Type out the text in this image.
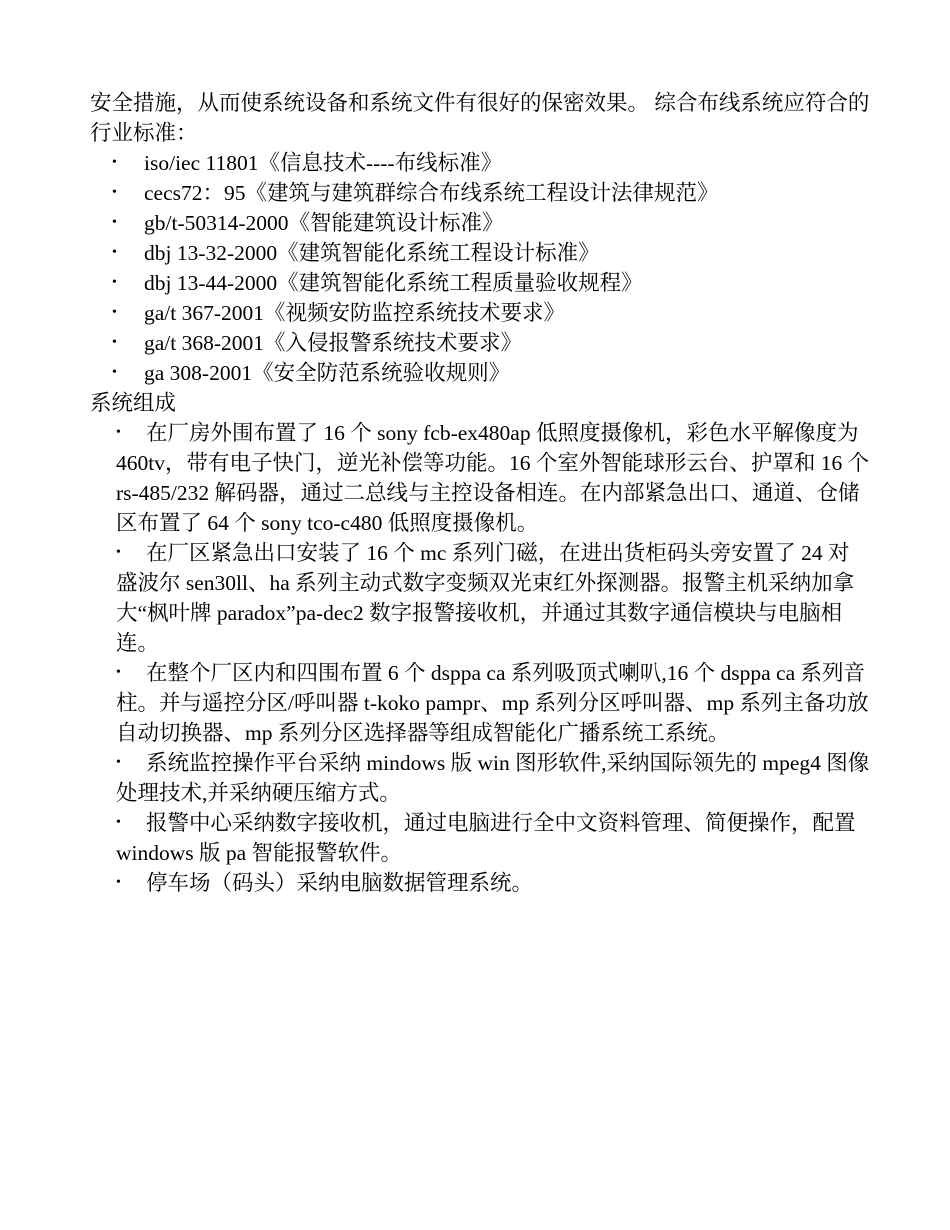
安全措施，从而使系统设备和系统文件有很好的保密效果。 综合布线系统应符合的行业标准：

• iso/iec 11801《信息技术----布线标准》
• cecs72：95《建筑与建筑群综合布线系统工程设计法律规范》
• gb/t-50314-2000《智能建筑设计标准》
• dbj 13-32-2000《建筑智能化系统工程设计标准》
• dbj 13-44-2000《建筑智能化系统工程质量验收规程》
• ga/t 367-2001《视频安防监控系统技术要求》
• ga/t 368-2001《入侵报警系统技术要求》
• ga 308-2001《安全防范系统验收规则》

系统组成

• 在厂房外围布置了 16 个 sony fcb-ex480ap 低照度摄像机，彩色水平解像度为 460tv，带有电子快门，逆光补偿等功能。16 个室外智能球形云台、护罩和 16 个 rs-485/232 解码器，通过二总线与主控设备相连。在内部紧急出口、通道、仓储区布置了 64 个 sony tco-c480 低照度摄像机。
• 在厂区紧急出口安装了 16 个 mc 系列门磁，在进出货柜码头旁安置了 24 对盛波尔 sen30ll、ha 系列主动式数字变频双光束红外探测器。报警主机采纳加拿大“枫叶牌 paradox”pa-dec2 数字报警接收机，并通过其数字通信模块与电脑相连。
• 在整个厂区内和四围布置 6 个 dsppa ca 系列吸顶式喇叭,16 个 dsppa ca 系列音柱。并与遥控分区/呼叫器 t-koko pampr、mp 系列分区呼叫器、mp 系列主备功放自动切换器、mp 系列分区选择器等组成智能化广播系统工系统。
• 系统监控操作平台采纳 mindows 版 win 图形软件,采纳国际领先的 mpeg4 图像处理技术,并采纳硬压缩方式。
• 报警中心采纳数字接收机，通过电脑进行全中文资料管理、简便操作，配置 windows 版 pa 智能报警软件。
• 停车场（码头）采纳电脑数据管理系统。
